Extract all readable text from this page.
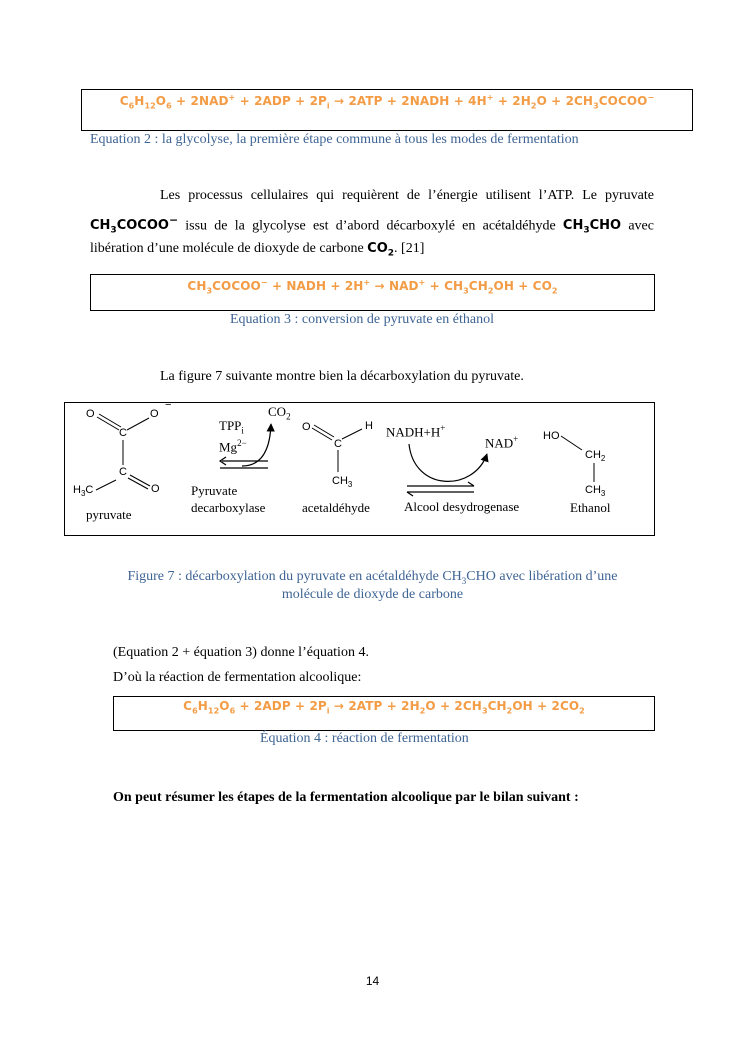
$C_6H_{12}O_6 + 2NAD^+ + 2ADP + 2P_i \to 2ATP$ + 2NADH + $4H^+ + 2H_2O$ + $2CH_3COCOO^-$
Equation 2 : la glycolyse, la première étape commune à tous les modes de fermentation
Les processus cellulaires qui requièrent de l’énergie utilisent l’ATP. Le pyruvate
$CH_3COCOO^-$ issu de la glycolyse est d’abord décarboxylé en acétaldéhyde $CH_3CHO$ avec
libération d’une molécule de dioxyde de carbone $CO_2$. [21]
$CH_3COCOO^-$ + NADH + $2H^+ \to NAD^+ + CH_3CH_2OH + CO_2$
Equation 3 : conversion de pyruvate en éthanol
La figure 7 suivante montre bien la décarboxylation du pyruvate.
O	O
−
C
C
O
$H_3C$
pyruvate
$TPP_i$
$Mg^{2-}$
$CO_2$
Pyruvate
decarboxylase
O
C
H
$CH_3$
acetaldéhyde
NADH+H+
NAD+
Alcool desydrogenase
HO
$CH_2$
$CH_3$
Ethanol
Figure 7 : décarboxylation du pyruvate en acétaldéhyde $CH_3CHO$ avec libération d’une
molécule de dioxyde de carbone
(Equation 2 + équation 3) donne l’équation 4.
D’où la réaction de fermentation alcoolique:
$C_6H_{12}O_6 + 2ADP + 2P_i \to 2ATP + 2H_2O + 2CH_3CH_2OH + 2CO_2$
Équation 4 : réaction de fermentation
On peut résumer les étapes de la fermentation alcoolique par le bilan suivant :
14
